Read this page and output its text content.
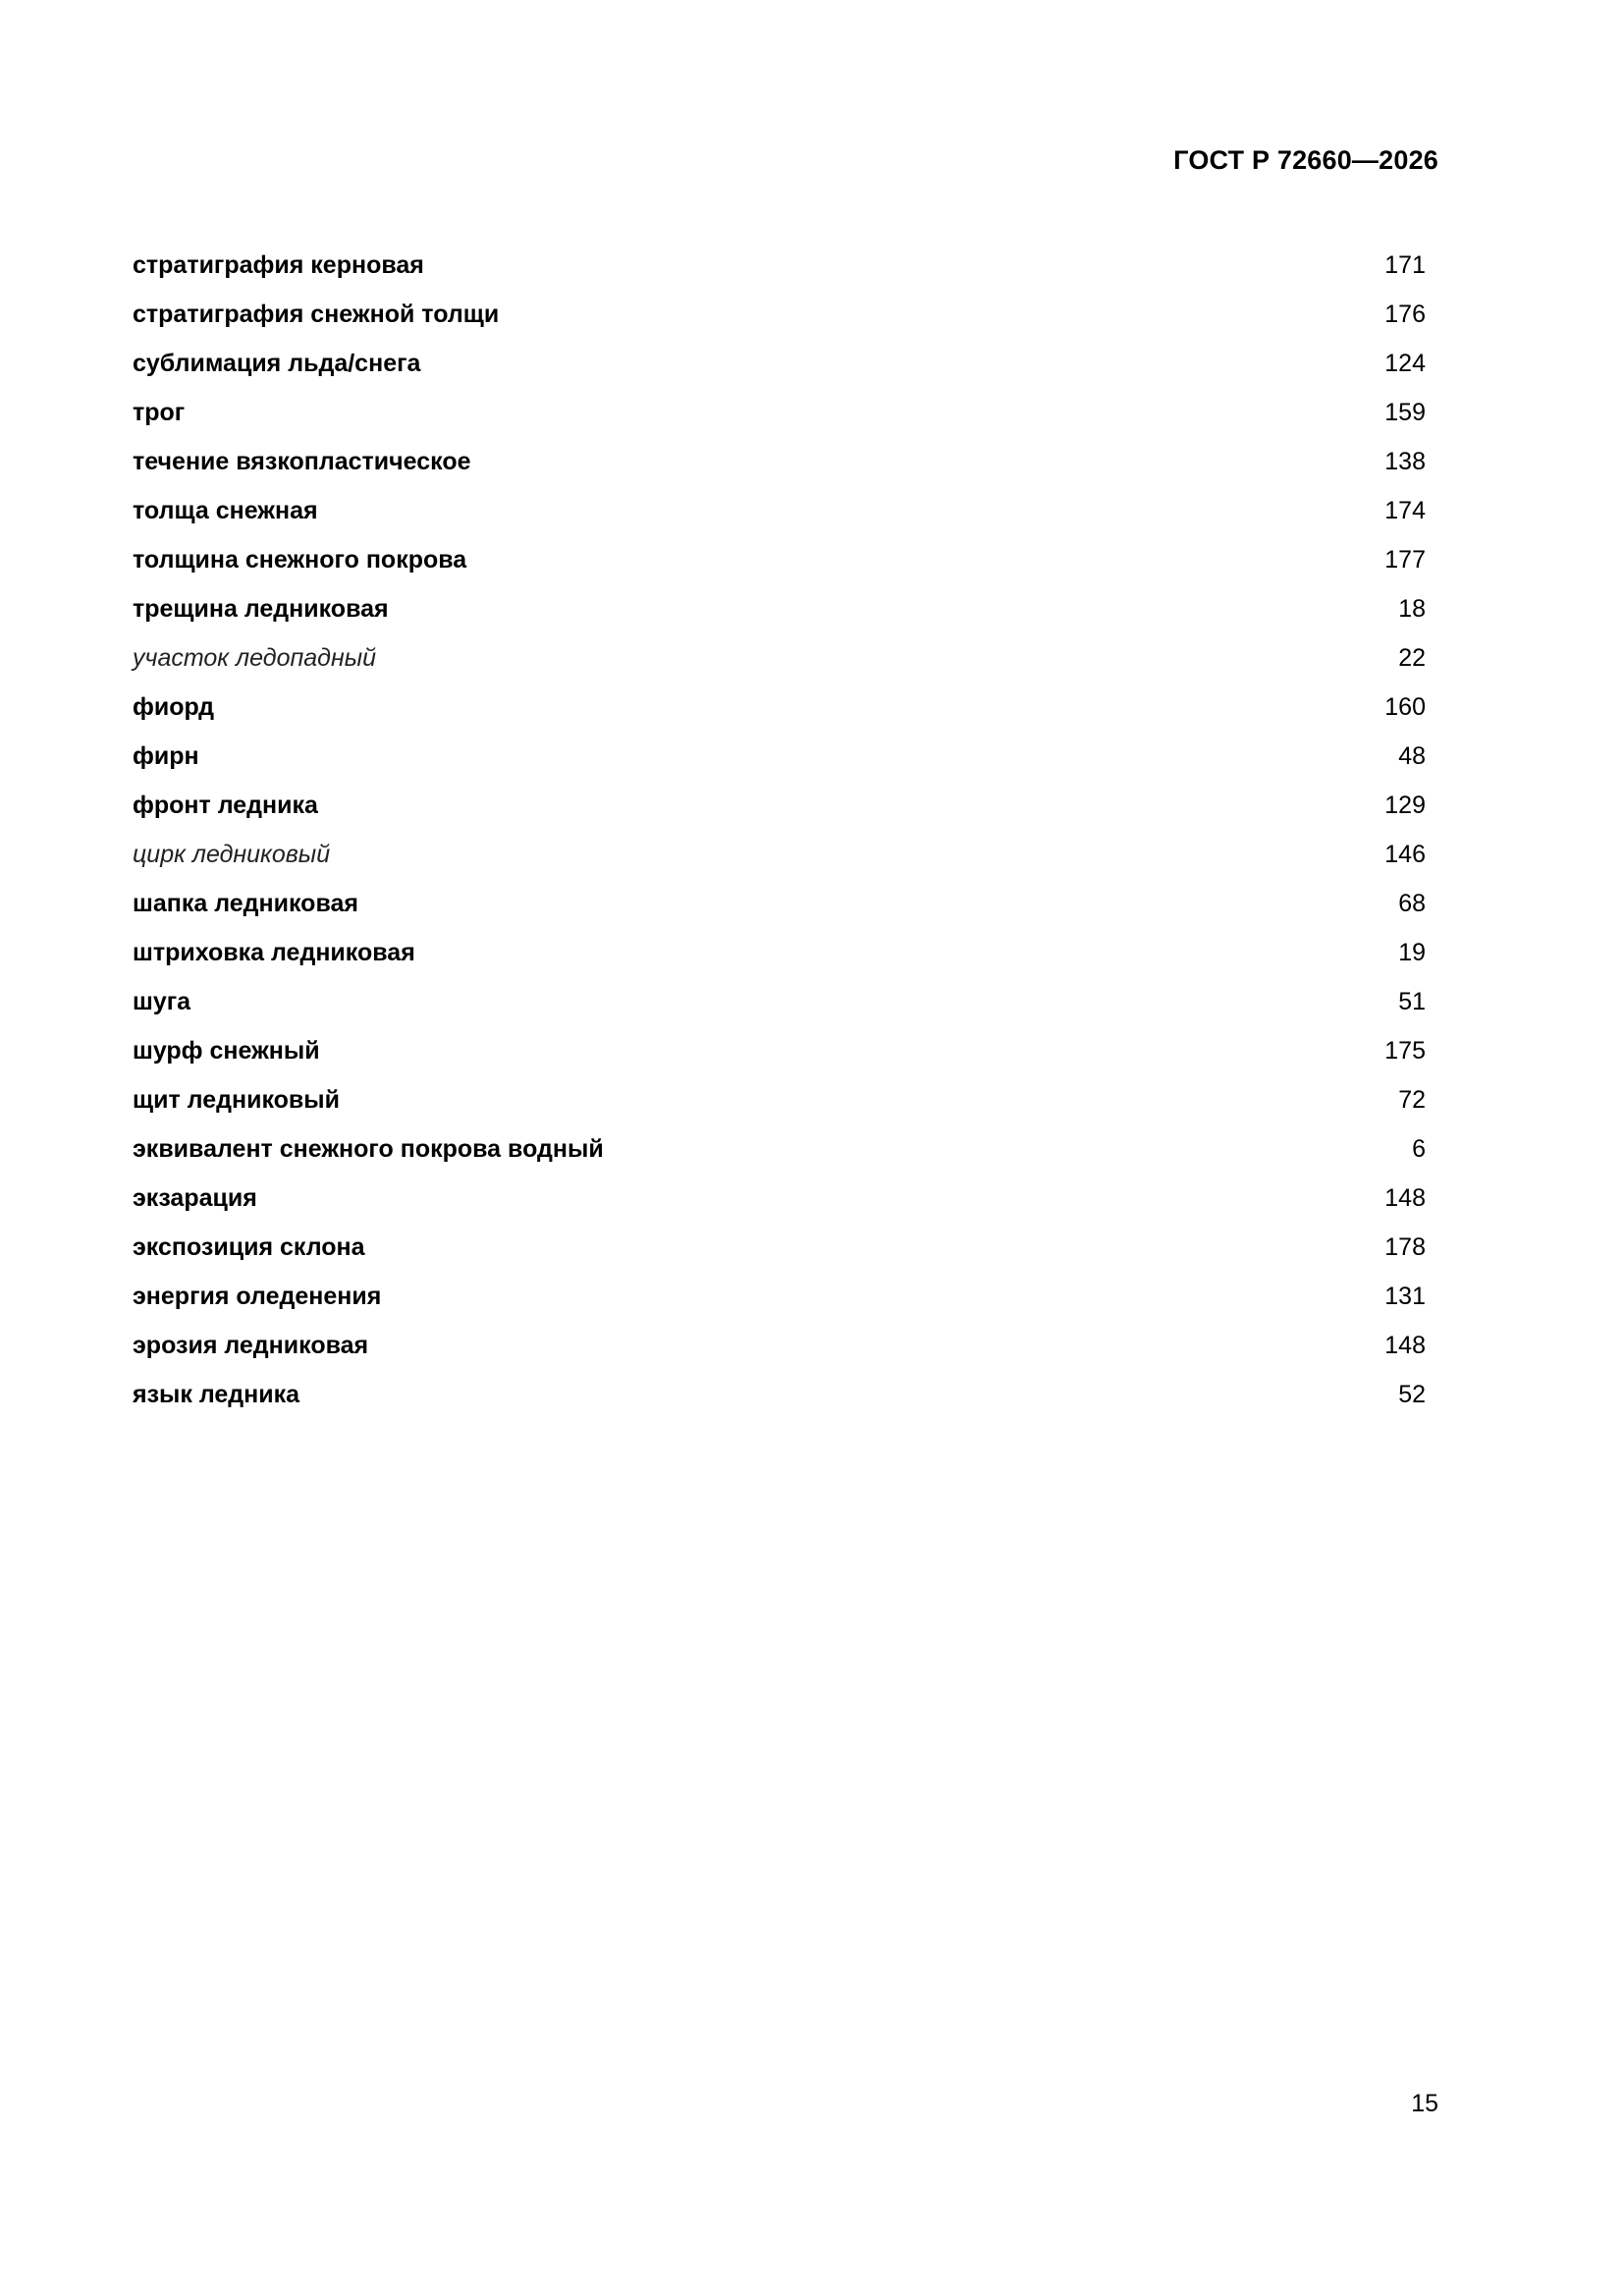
ГОСТ Р 72660—2026
стратиграфия керновая	171
стратиграфия снежной толщи	176
сублимация льда/снега	124
трог	159
течение вязкопластическое	138
толща снежная	174
толщина снежного покрова	177
трещина ледниковая	18
участок ледопадный	22
фиорд	160
фирн	48
фронт ледника	129
цирк ледниковый	146
шапка ледниковая	68
штриховка ледниковая	19
шуга	51
шурф снежный	175
щит ледниковый	72
эквивалент снежного покрова водный	6
экзарация	148
экспозиция склона	178
энергия оледенения	131
эрозия ледниковая	148
язык ледника	52
15
